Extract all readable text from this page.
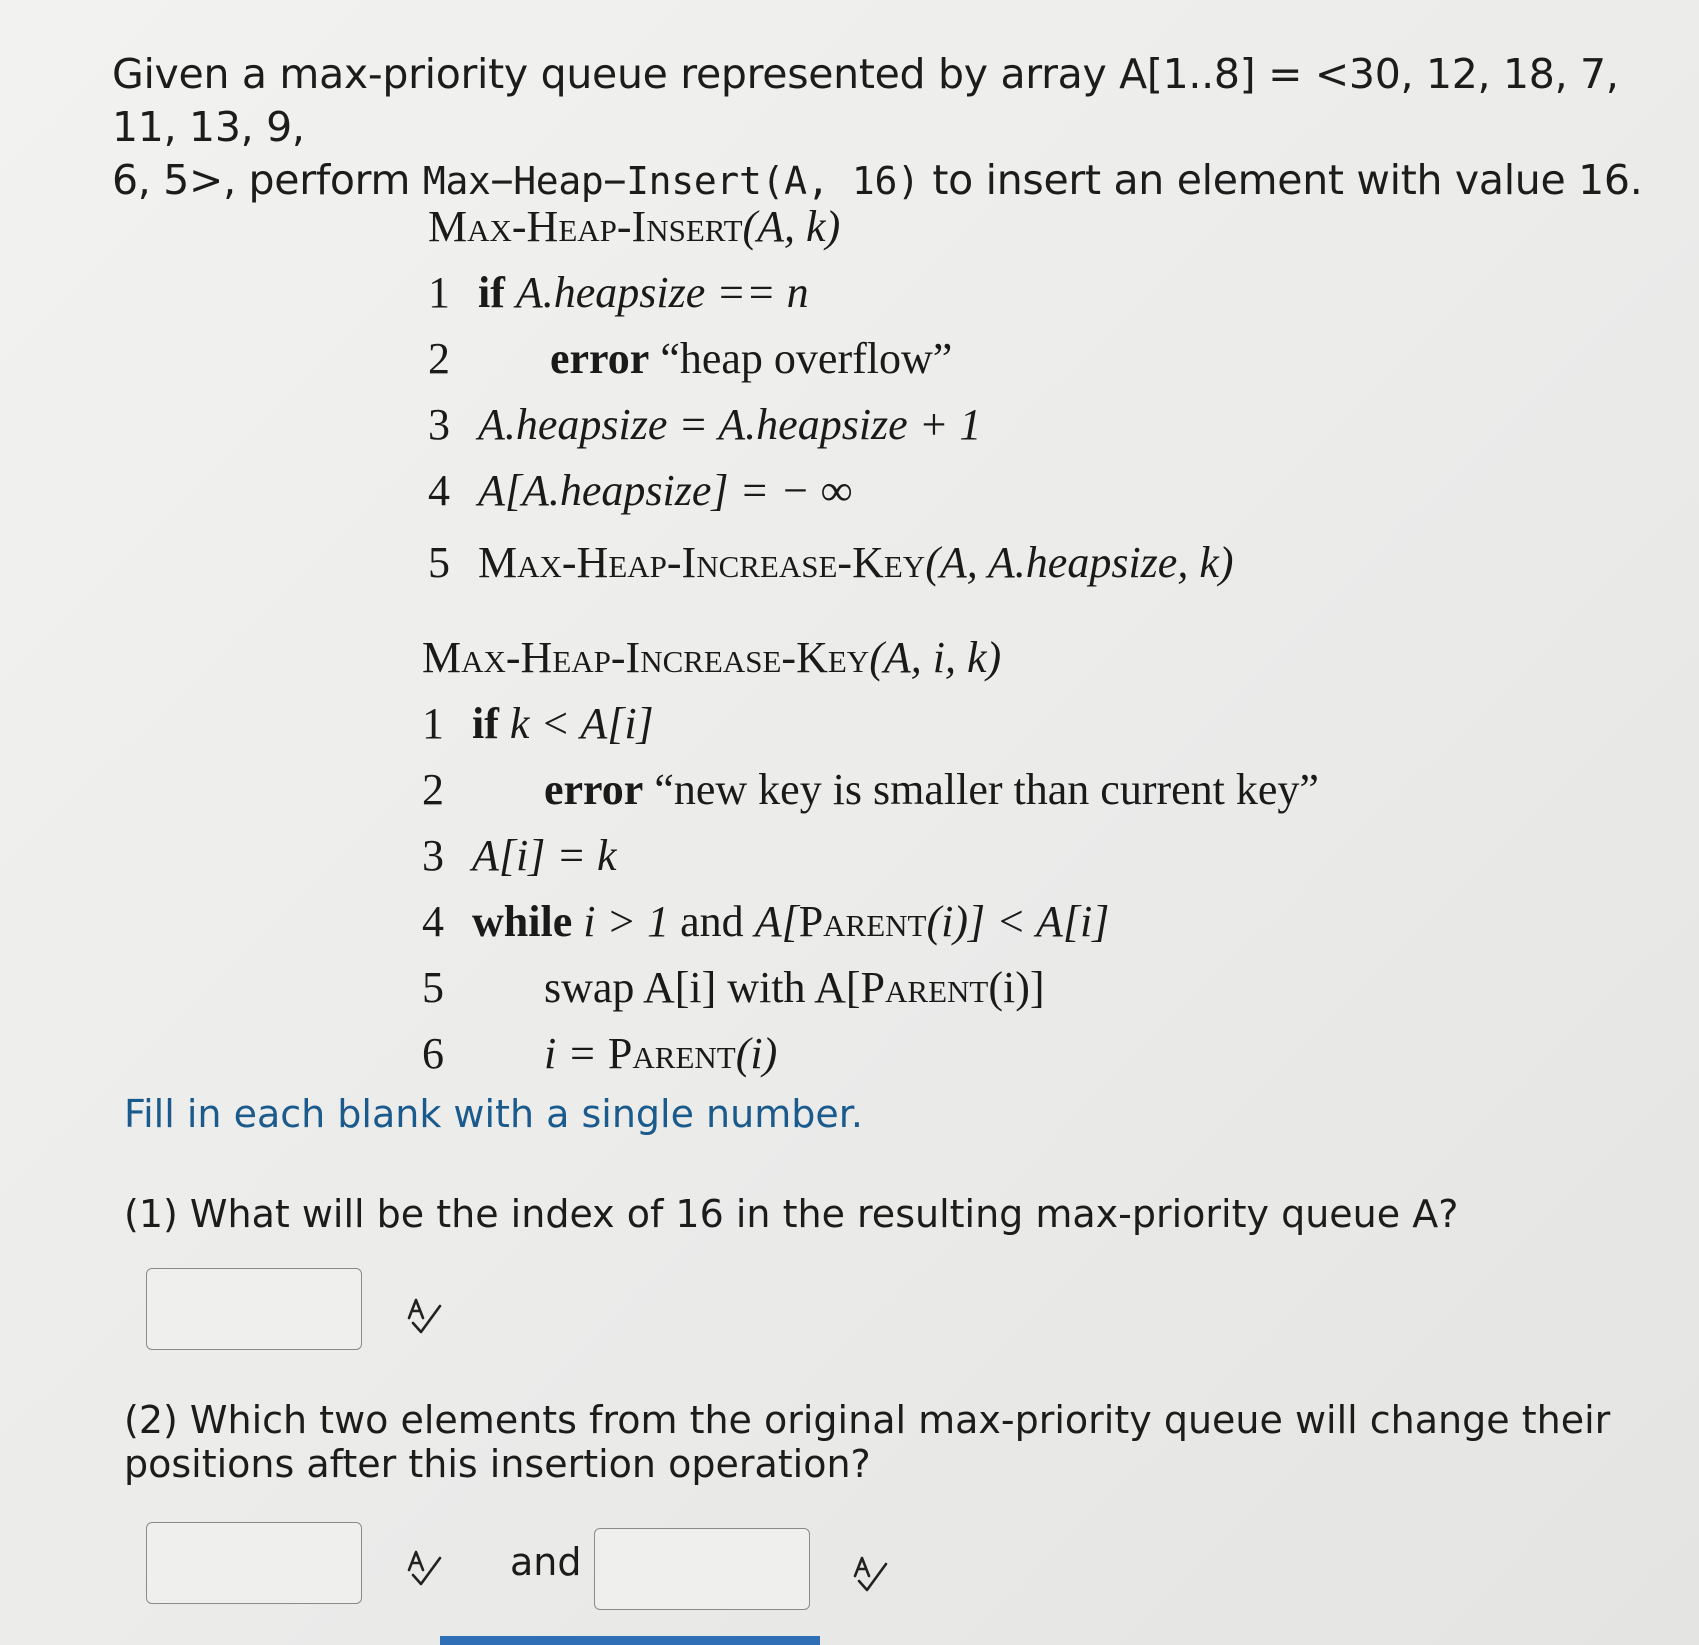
Given a max-priority queue represented by array A[1..8] = <30, 12, 18, 7, 11, 13, 9,
6, 5>, perform Max−Heap−Insert(A, 16) to insert an element with value 16.
Max-Heap-Insert(A, k)
1 if A.heapsize == n
2 error “heap overflow”
3 A.heapsize = A.heapsize + 1
4 A[A.heapsize] = − ∞
5 Max-Heap-Increase-Key(A, A.heapsize, k)
Max-Heap-Increase-Key(A, i, k)
1 if k < A[i]
2 error “new key is smaller than current key”
3 A[i] = k
4 while i > 1 and A[Parent(i)] < A[i]
5 swap A[i] with A[Parent(i)]
6 i = Parent(i)
Fill in each blank with a single number.
(1) What will be the index of 16 in the resulting max-priority queue A?
(2) Which two elements from the original max-priority queue will change their positions after this insertion operation?
and
